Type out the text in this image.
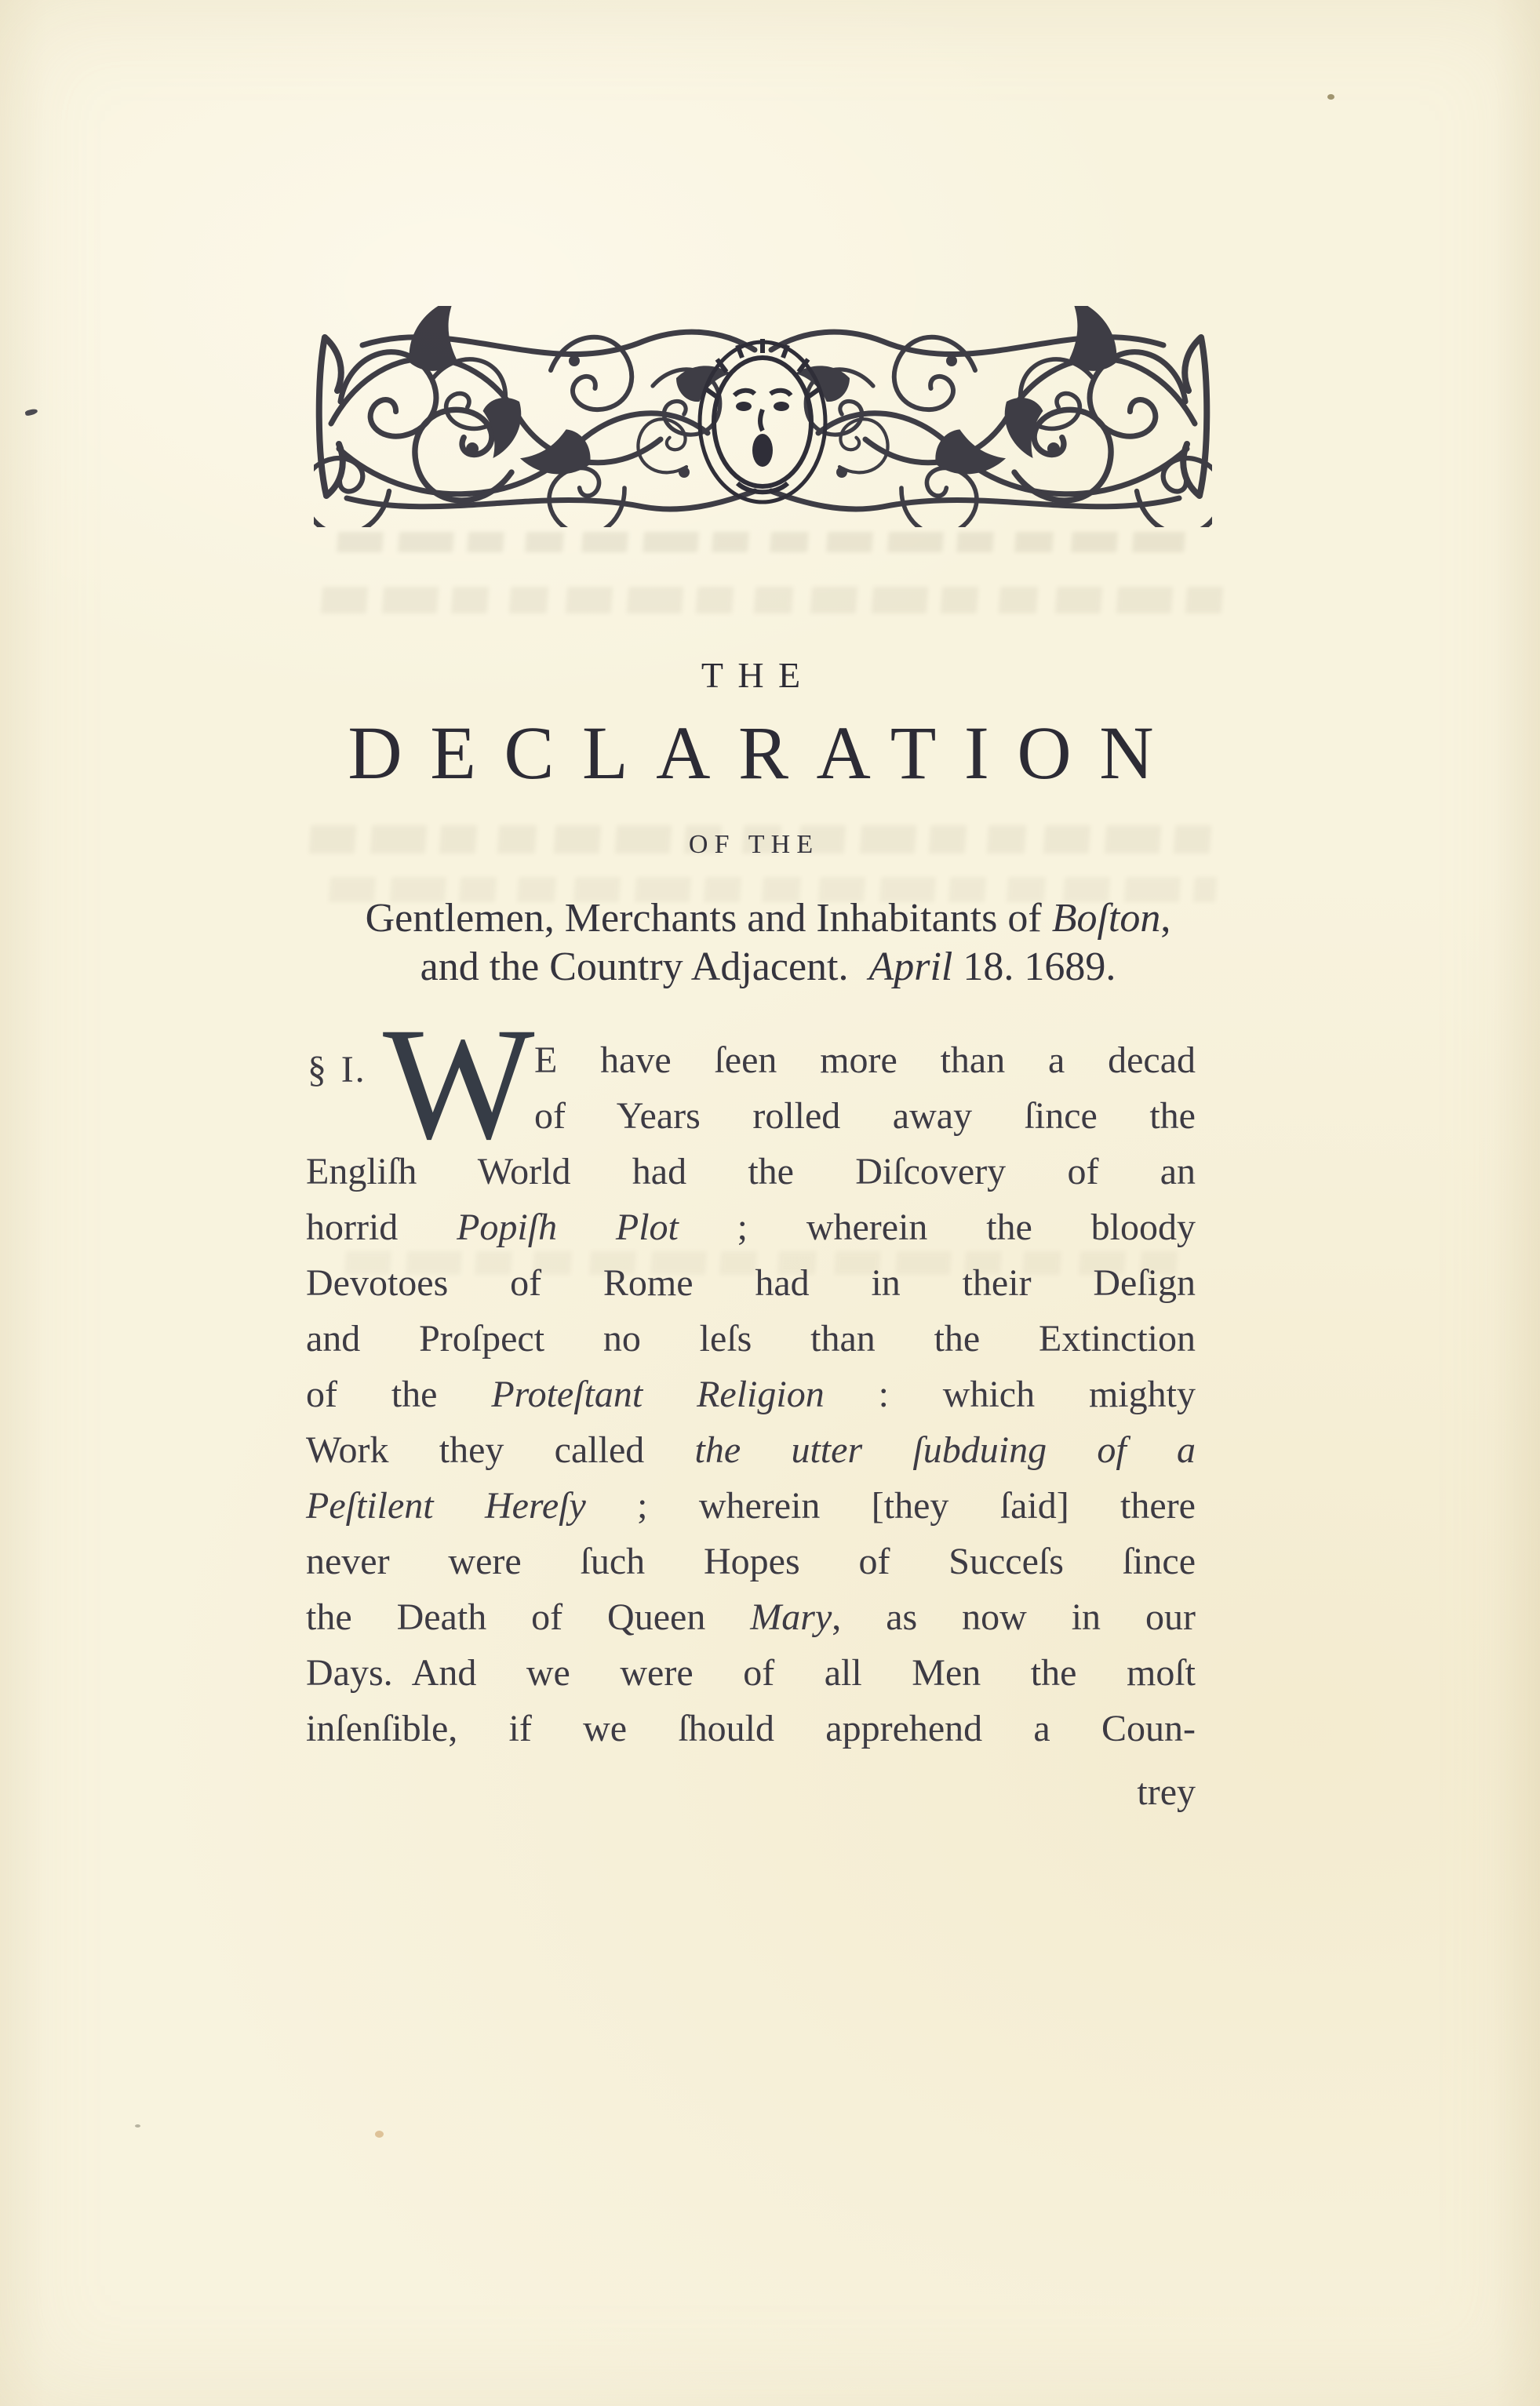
THE
DECLARATION
OF THE
Gentlemen, Merchants and Inhabitants of Boſton,
and the Country Adjacent. April 18. 1689.
§ I. W E have ſeen more than a decad
of Years rolled away ſince the
Engliſh World had the Diſcovery of an
horrid Popiſh Plot ; wherein the bloody
Devotoes of Rome had in their Deſign
and Proſpect no leſs than the Extinction
of the Proteſtant Religion : which mighty
Work they called the utter ſubduing of a
Peſtilent Hereſy ; wherein [they ſaid] there
never were ſuch Hopes of Succeſs ſince
the Death of Queen Mary, as now in our
Days. And we were of all Men the moſt
inſenſible, if we ſhould apprehend a Coun-
trey
